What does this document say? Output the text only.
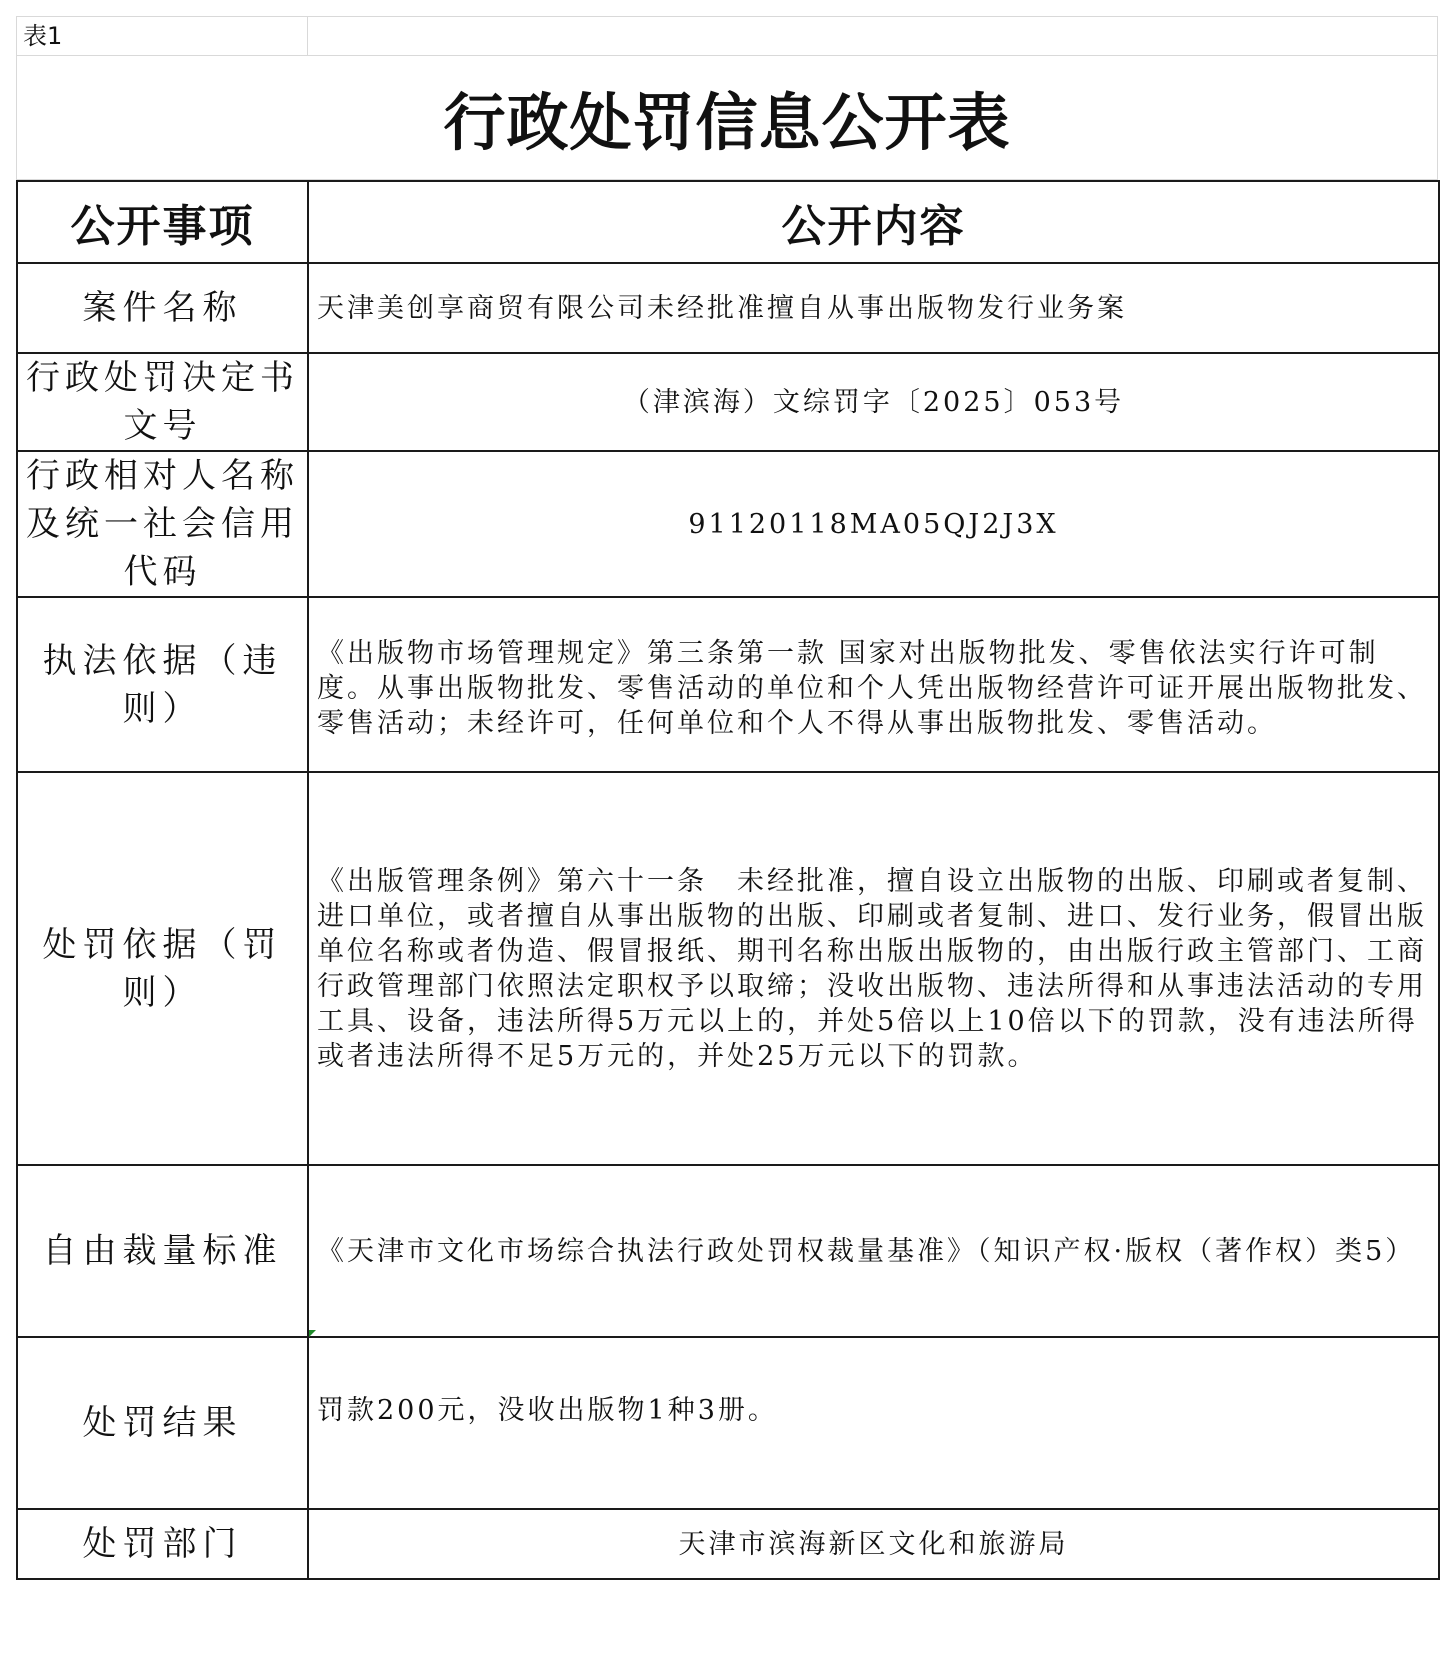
表1
行政处罚信息公开表
公开事项	公开内容
案件名称	天津美创享商贸有限公司未经批准擅自从事出版物发行业务案
行政处罚决定书文号	（津滨海）文综罚字〔2025〕053号
行政相对人名称及统一社会信用代码	91120118MA05QJ2J3X
执法依据（违则）	《出版物市场管理规定》第三条第一款 国家对出版物批发、零售依法实行许可制度。从事出版物批发、零售活动的单位和个人凭出版物经营许可证开展出版物批发、零售活动；未经许可，任何单位和个人不得从事出版物批发、零售活动。
处罚依据（罚则）	《出版管理条例》第六十一条　未经批准，擅自设立出版物的出版、印刷或者复制、进口单位，或者擅自从事出版物的出版、印刷或者复制、进口、发行业务，假冒出版单位名称或者伪造、假冒报纸、期刊名称出版出版物的，由出版行政主管部门、工商行政管理部门依照法定职权予以取缔；没收出版物、违法所得和从事违法活动的专用工具、设备，违法所得5万元以上的，并处5倍以上10倍以下的罚款，没有违法所得或者违法所得不足5万元的，并处25万元以下的罚款。
自由裁量标准	《天津市文化市场综合执法行政处罚权裁量基准》（知识产权·版权（著作权）类5）
处罚结果	罚款200元，没收出版物1种3册。
处罚部门	天津市滨海新区文化和旅游局
